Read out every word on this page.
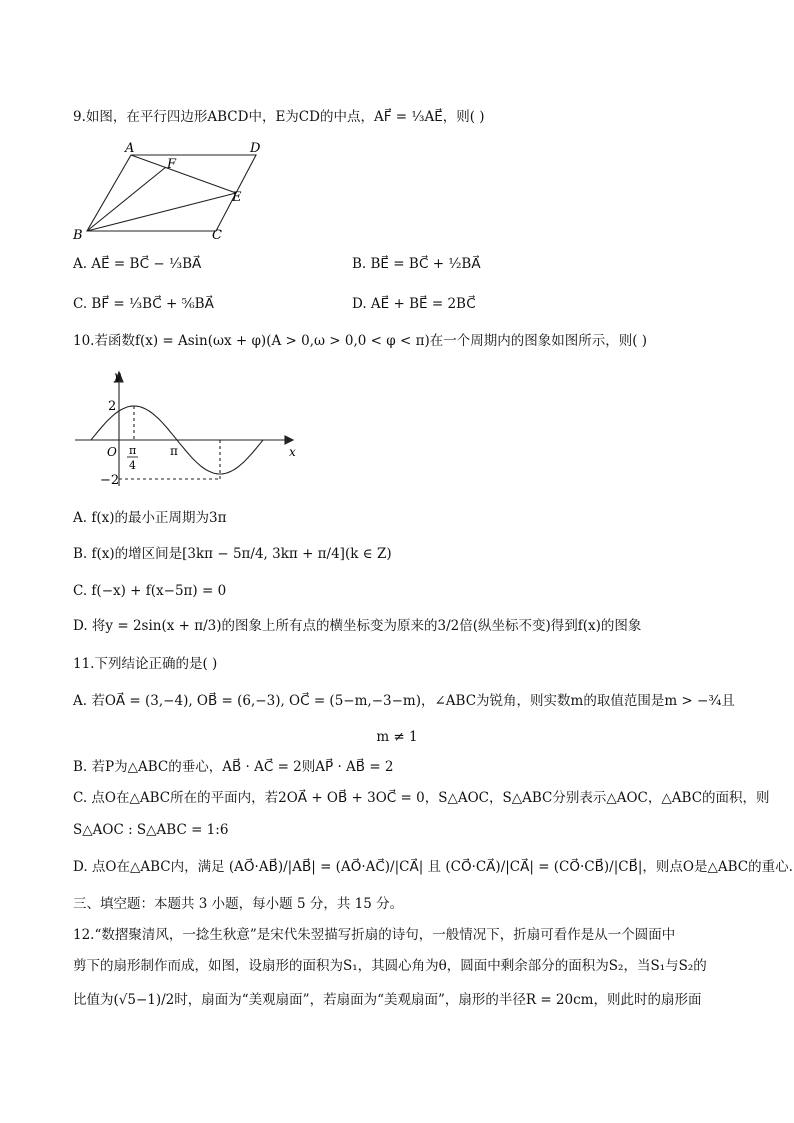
9.如图，在平行四边形ABCD中，E为CD的中点，AF⃗ = ¹⁄₃AE⃗，则( )
A	D
F
E
B	C
A. AE⃗ = BC⃗ − ¹⁄₃BA⃗	B. BE⃗ = BC⃗ + ¹⁄₂BA⃗
C. BF⃗ = ¹⁄₃BC⃗ + ⁵⁄₆BA⃗	D. AE⃗ + BE⃗ = 2BC⃗
10.若函数f(x) = Asin(ωx + φ)(A > 0,ω > 0,0 < φ < π)在一个周期内的图象如图所示，则( )
y
x
2
−2
O π
4
π
A. f(x)的最小正周期为3π
B. f(x)的增区间是[3kπ − 5π/4, 3kπ + π/4](k ∈ Z)
C. f(−x) + f(x−5π) = 0
D. 将y = 2sin(x + π/3)的图象上所有点的横坐标变为原来的3/2倍(纵坐标不变)得到f(x)的图象
11.下列结论正确的是( )
A. 若OA⃗ = (3,−4), OB⃗ = (6,−3), OC⃗ = (5−m,−3−m)，∠ABC为锐角，则实数m的取值范围是m > −³⁄₄且
m ≠ 1
B. 若P为△ABC的垂心，AB⃗ · AC⃗ = 2则AP⃗ · AB⃗ = 2
C. 点O在△ABC所在的平面内，若2OA⃗ + OB⃗ + 3OC⃗ = 0，S△AOC，S△ABC分别表示△AOC，△ABC的面积，则
S△AOC : S△ABC = 1:6
D. 点O在△ABC内，满足 (AO⃗·AB⃗)/|AB⃗| = (AO⃗·AC⃗)/|CA⃗| 且 (CO⃗·CA⃗)/|CA⃗| = (CO⃗·CB⃗)/|CB⃗|，则点O是△ABC的重心.
三、填空题：本题共 3 小题，每小题 5 分，共 15 分。
12.“数摺聚清风，一捻生秋意”是宋代朱翌描写折扇的诗句，一般情况下，折扇可看作是从一个圆面中
剪下的扇形制作而成，如图，设扇形的面积为S₁，其圆心角为θ，圆面中剩余部分的面积为S₂，当S₁与S₂的
比值为(√5−1)/2时，扇面为“美观扇面”，若扇面为“美观扇面”，扇形的半径R = 20cm，则此时的扇形面
